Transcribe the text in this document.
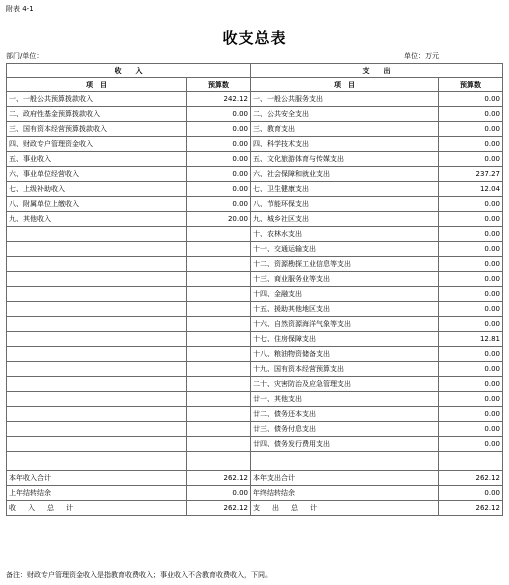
附表 4-1
收支总表
部门/单位：	单位：万元
收　　入		支　　出	
项　目	预算数	项　目	预算数
一、一般公共预算拨款收入	242.12	一、一般公共服务支出	0.00
二、政府性基金预算拨款收入	0.00	二、公共安全支出	0.00
三、国有资本经营预算拨款收入	0.00	三、教育支出	0.00
四、财政专户管理资金收入	0.00	四、科学技术支出	0.00
五、事业收入	0.00	五、文化旅游体育与传媒支出	0.00
六、事业单位经营收入	0.00	六、社会保障和就业支出	237.27
七、上级补助收入	0.00	七、卫生健康支出	12.04
八、附属单位上缴收入	0.00	八、节能环保支出	0.00
九、其他收入	20.00	九、城乡社区支出	0.00
		十、农林水支出	0.00
		十一、交通运输支出	0.00
		十二、资源勘探工业信息等支出	0.00
		十三、商业服务业等支出	0.00
		十四、金融支出	0.00
		十五、援助其他地区支出	0.00
		十六、自然资源海洋气象等支出	0.00
		十七、住房保障支出	12.81
		十八、粮油物资储备支出	0.00
		十九、国有资本经营预算支出	0.00
		二十、灾害防治及应急管理支出	0.00
		廿一、其他支出	0.00
		廿二、债务还本支出	0.00
		廿三、债务付息支出	0.00
		廿四、债务发行费用支出	0.00

本年收入合计	262.12	本年支出合计	262.12
上年结转结余	0.00	年终结转结余	0.00
收入总计	262.12	支出总计	262.12
备注：财政专户管理资金收入是指教育收费收入；事业收入不含教育收费收入，下同。
